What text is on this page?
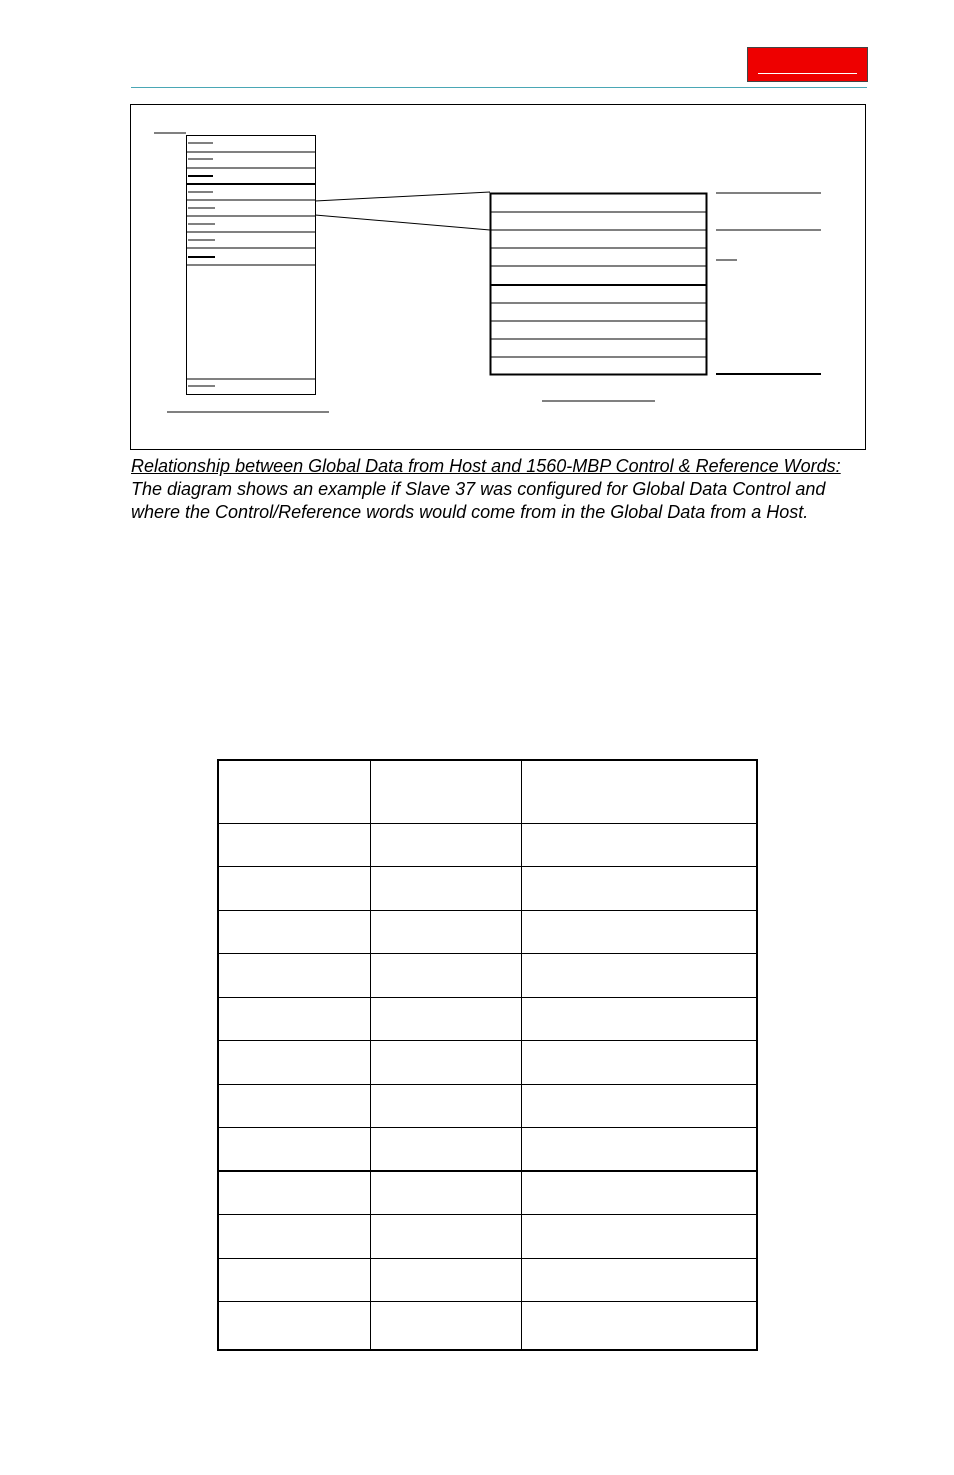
Relationship between Global Data from Host and 1560-MBP Control & Reference Words: The diagram shows an example if Slave 37 was configured for Global Data Control and where the Control/Reference words would come from in the Global Data from a Host.
